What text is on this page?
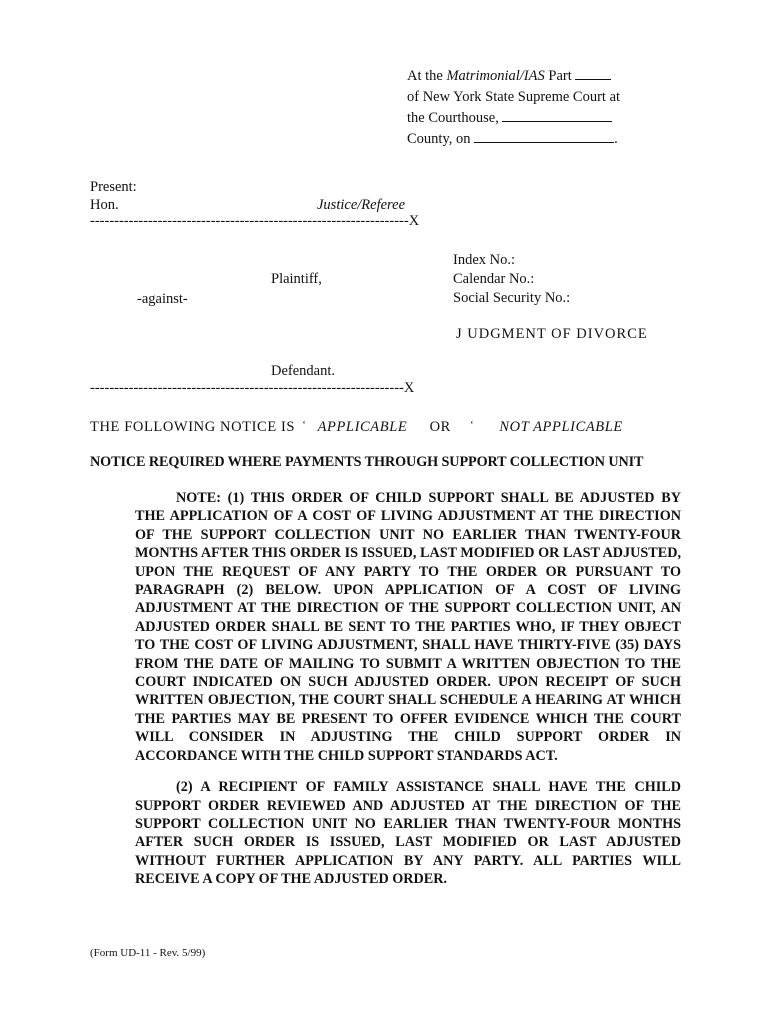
At the Matrimonial/IAS Part
of New York State Supreme Court at
the Courthouse,
County, on	.
Present:
Hon.	Justice/Referee
------------------------------------------------------------------X
Plaintiff,
-against-
Defendant.
Index No.:
Calendar No.:
Social Security No.:
J UDGMENT OF DIVORCE
-----------------------------------------------------------------X
THE FOLLOWING NOTICE IS ‘ APPLICABLE OR ‘ NOT APPLICABLE
NOTICE REQUIRED WHERE PAYMENTS THROUGH SUPPORT COLLECTION UNIT

NOTE: (1) THIS ORDER OF CHILD SUPPORT SHALL BE ADJUSTED BY THE APPLICATION OF A COST OF LIVING ADJUSTMENT AT THE DIRECTION OF THE SUPPORT COLLECTION UNIT NO EARLIER THAN TWENTY-FOUR MONTHS AFTER THIS ORDER IS ISSUED, LAST MODIFIED OR LAST ADJUSTED, UPON THE REQUEST OF ANY PARTY TO THE ORDER OR PURSUANT TO PARAGRAPH (2) BELOW. UPON APPLICATION OF A COST OF LIVING ADJUSTMENT AT THE DIRECTION OF THE SUPPORT COLLECTION UNIT, AN ADJUSTED ORDER SHALL BE SENT TO THE PARTIES WHO, IF THEY OBJECT TO THE COST OF LIVING ADJUSTMENT, SHALL HAVE THIRTY-FIVE (35) DAYS FROM THE DATE OF MAILING TO SUBMIT A WRITTEN OBJECTION TO THE COURT INDICATED ON SUCH ADJUSTED ORDER. UPON RECEIPT OF SUCH WRITTEN OBJECTION, THE COURT SHALL SCHEDULE A HEARING AT WHICH THE PARTIES MAY BE PRESENT TO OFFER EVIDENCE WHICH THE COURT WILL CONSIDER IN ADJUSTING THE CHILD SUPPORT ORDER IN ACCORDANCE WITH THE CHILD SUPPORT STANDARDS ACT.

(2) A RECIPIENT OF FAMILY ASSISTANCE SHALL HAVE THE CHILD SUPPORT ORDER REVIEWED AND ADJUSTED AT THE DIRECTION OF THE SUPPORT COLLECTION UNIT NO EARLIER THAN TWENTY-FOUR MONTHS AFTER SUCH ORDER IS ISSUED, LAST MODIFIED OR LAST ADJUSTED WITHOUT FURTHER APPLICATION BY ANY PARTY. ALL PARTIES WILL RECEIVE A COPY OF THE ADJUSTED ORDER.

(Form UD-11 - Rev. 5/99)
